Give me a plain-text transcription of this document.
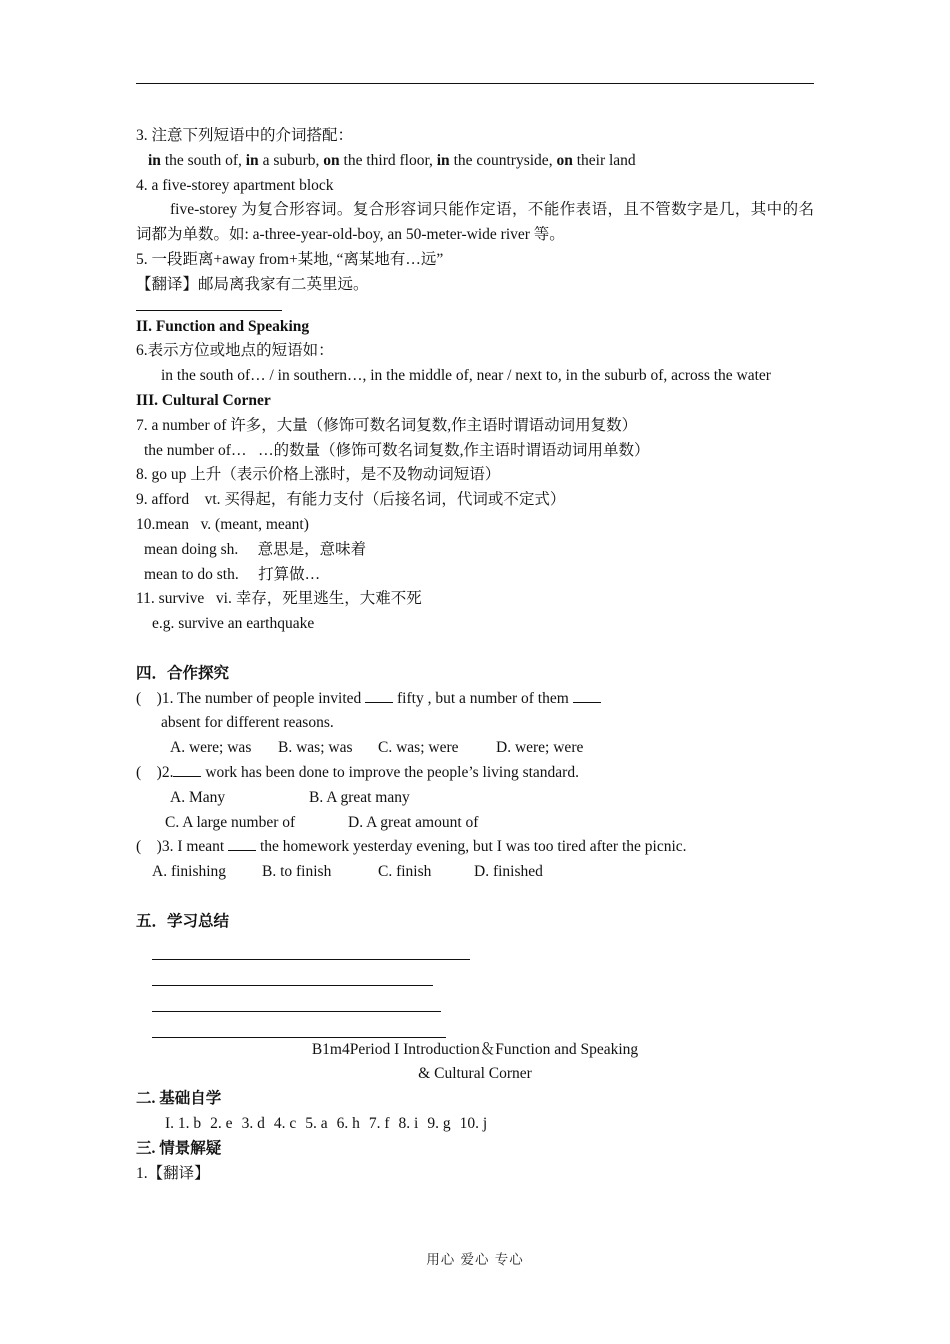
3. 注意下列短语中的介词搭配：
in the south of, in a suburb, on the third floor, in the countryside, on their land
4. a five-storey apartment block
five-storey 为复合形容词。复合形容词只能作定语，不能作表语，且不管数字是几，其中的名词都为单数。如: a-three-year-old-boy, an 50-meter-wide river 等。
5. 一段距离+away from+某地, “离某地有…远”
【翻译】邮局离我家有二英里远。
II. Function and Speaking
6.表示方位或地点的短语如：
in the south of… / in southern…, in the middle of, near / next to, in the suburb of, across the water
III. Cultural Corner
7. a number of 许多，大量（修饰可数名词复数,作主语时谓语动词用复数）
the number of…   …的数量（修饰可数名词复数,作主语时谓语动词用单数）
8. go up 上升（表示价格上涨时，是不及物动词短语）
9. afford    vt. 买得起，有能力支付（后接名词，代词或不定式）
10.mean   v. (meant, meant)
mean doing sh.     意思是，意味着
mean to do sth.     打算做…
11. survive   vi. 幸存，死里逃生，大难不死
e.g. survive an earthquake
四．合作探究
(    )1. The number of people invited  fifty , but a number of them
absent for different reasons.
A. were; was B. was; was C. was; were D. were; were
(    )2. work has been done to improve the people’s living standard.
A. Many	B. A great many
C. A large number of	D. A great amount of
(    )3. I meant  the homework yesterday evening, but I was too tired after the picnic.
A. finishing B. to finish	C. finish	D. finished
五．学习总结
B1m4Period I Introduction＆Function and Speaking
& Cultural Corner
二. 基础自学
I. 1. b 2. e 3. d 4. c 5. a 6. h 7. f 8. i 9. g 10. j
三. 情景解疑
1.【翻译】
用心 爱心 专心
